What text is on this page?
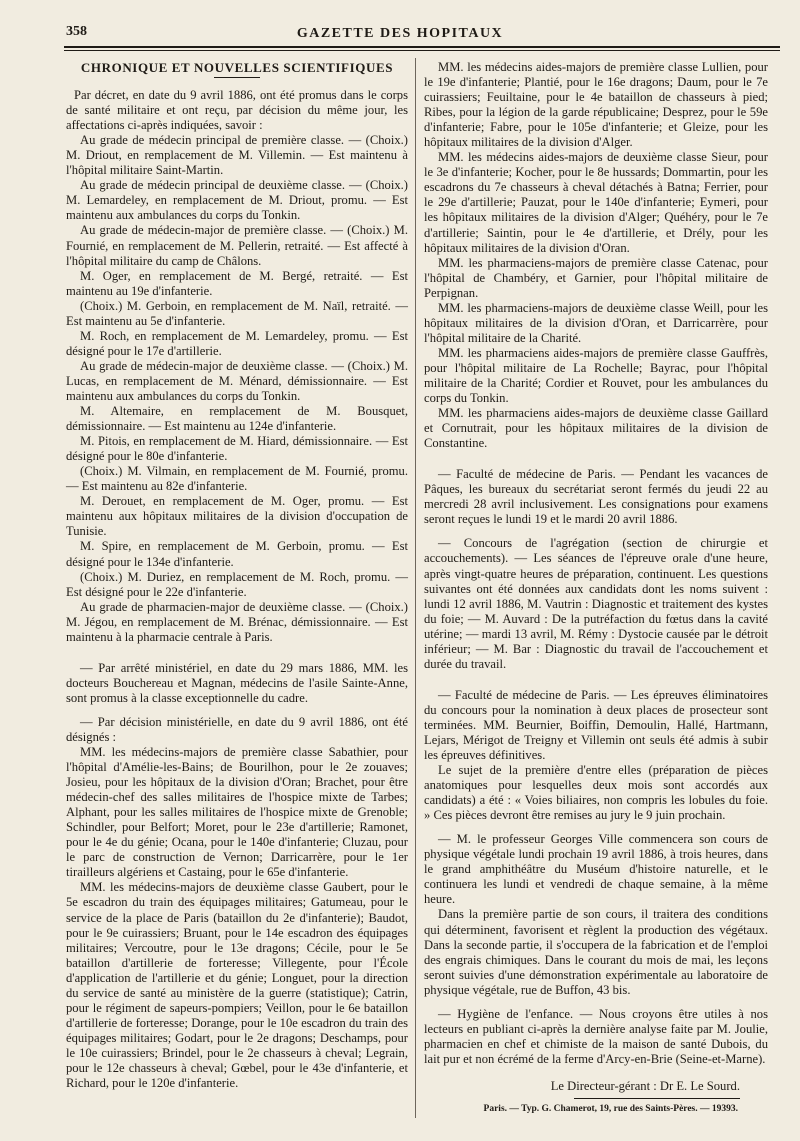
358	GAZETTE DES HOPITAUX
CHRONIQUE ET NOUVELLES SCIENTIFIQUES

Par décret, en date du 9 avril 1886, ont été promus dans le corps de santé militaire et ont reçu, par décision du même jour, les affectations ci-après indiquées, savoir :

Au grade de médecin principal de première classe. — (Choix.) M. Driout, en remplacement de M. Villemin. — Est maintenu à l'hôpital militaire Saint-Martin.

Au grade de médecin principal de deuxième classe. — (Choix.) M. Lemardeley, en remplacement de M. Driout, promu. — Est maintenu aux ambulances du corps du Tonkin.

Au grade de médecin-major de première classe. — (Choix.) M. Fournié, en remplacement de M. Pellerin, retraité. — Est affecté à l'hôpital militaire du camp de Châlons.

M. Oger, en remplacement de M. Bergé, retraité. — Est maintenu au 19e d'infanterie.

(Choix.) M. Gerboin, en remplacement de M. Naïl, retraité. — Est maintenu au 5e d'infanterie.

M. Roch, en remplacement de M. Lemardeley, promu. — Est désigné pour le 17e d'artillerie.

Au grade de médecin-major de deuxième classe. — (Choix.) M. Lucas, en remplacement de M. Ménard, démissionnaire. — Est maintenu aux ambulances du corps du Tonkin.

M. Altemaire, en remplacement de M. Bousquet, démissionnaire. — Est maintenu au 124e d'infanterie.

M. Pitois, en remplacement de M. Hiard, démissionnaire. — Est désigné pour le 80e d'infanterie.

(Choix.) M. Vilmain, en remplacement de M. Fournié, promu. — Est maintenu au 82e d'infanterie.

M. Derouet, en remplacement de M. Oger, promu. — Est maintenu aux hôpitaux militaires de la division d'occupation de Tunisie.

M. Spire, en remplacement de M. Gerboin, promu. — Est désigné pour le 134e d'infanterie.

(Choix.) M. Duriez, en remplacement de M. Roch, promu. — Est désigné pour le 22e d'infanterie.

Au grade de pharmacien-major de deuxième classe. — (Choix.) M. Jégou, en remplacement de M. Brénac, démissionnaire. — Est maintenu à la pharmacie centrale à Paris.

— Par arrêté ministériel, en date du 29 mars 1886, MM. les docteurs Bouchereau et Magnan, médecins de l'asile Sainte-Anne, sont promus à la classe exceptionnelle du cadre.

— Par décision ministérielle, en date du 9 avril 1886, ont été désignés :

MM. les médecins-majors de première classe Sabathier, pour l'hôpital d'Amélie-les-Bains; de Bourilhon, pour le 2e zouaves; Josieu, pour les hôpitaux de la division d'Oran; Brachet, pour être médecin-chef des salles militaires de l'hospice mixte de Tarbes; Alphant, pour les salles militaires de l'hospice mixte de Grenoble; Schindler, pour Belfort; Moret, pour le 23e d'artillerie; Ramonet, pour le 4e du génie; Ocana, pour le 140e d'infanterie; Cluzau, pour le parc de construction de Vernon; Darricarrère, pour le 1er tirailleurs algériens et Castaing, pour le 65e d'infanterie.

MM. les médecins-majors de deuxième classe Gaubert, pour le 5e escadron du train des équipages militaires; Gatumeau, pour le service de la place de Paris (bataillon du 2e d'infanterie); Baudot, pour le 9e cuirassiers; Bruant, pour le 14e escadron des équipages militaires; Vercoutre, pour le 13e dragons; Cécile, pour le 5e bataillon d'artillerie de forteresse; Villegente, pour l'École d'application de l'artillerie et du génie; Longuet, pour la direction du service de santé au ministère de la guerre (statistique); Catrin, pour le régiment de sapeurs-pompiers; Veillon, pour le 6e bataillon d'artillerie de forteresse; Dorange, pour le 10e escadron du train des équipages militaires; Godart, pour le 2e dragons; Deschamps, pour le 10e cuirassiers; Brindel, pour le 2e chasseurs à cheval; Legrain, pour le 12e chasseurs à cheval; Gœbel, pour le 43e d'infanterie, et Richard, pour le 120e d'infanterie.

MM. les médecins aides-majors de première classe Lullien, pour le 19e d'infanterie; Plantié, pour le 16e dragons; Daum, pour le 7e cuirassiers; Feuiltaine, pour le 4e bataillon de chasseurs à pied; Ribes, pour la légion de la garde républicaine; Desprez, pour le 59e d'infanterie; Fabre, pour le 105e d'infanterie; et Gleize, pour les hôpitaux militaires de la division d'Alger.

MM. les médecins aides-majors de deuxième classe Sieur, pour le 3e d'infanterie; Kocher, pour le 8e hussards; Dommartin, pour les escadrons du 7e chasseurs à cheval détachés à Batna; Ferrier, pour le 29e d'artillerie; Pauzat, pour le 140e d'infanterie; Eymeri, pour les hôpitaux militaires de la division d'Alger; Quéhéry, pour le 7e d'artillerie; Saintin, pour le 4e d'artillerie, et Drély, pour les hôpitaux militaires de la division d'Oran.

MM. les pharmaciens-majors de première classe Catenac, pour l'hôpital de Chambéry, et Garnier, pour l'hôpital militaire de Perpignan.

MM. les pharmaciens-majors de deuxième classe Weill, pour les hôpitaux militaires de la division d'Oran, et Darricarrère, pour l'hôpital militaire de la Charité.

MM. les pharmaciens aides-majors de première classe Gauffrès, pour l'hôpital militaire de La Rochelle; Bayrac, pour l'hôpital militaire de la Charité; Cordier et Rouvet, pour les ambulances du corps du Tonkin.

MM. les pharmaciens aides-majors de deuxième classe Gaillard et Cornutrait, pour les hôpitaux militaires de la division de Constantine.

— Faculté de médecine de Paris. — Pendant les vacances de Pâques, les bureaux du secrétariat seront fermés du jeudi 22 au mercredi 28 avril inclusivement. Les consignations pour examens seront reçues le lundi 19 et le mardi 20 avril 1886.

— Concours de l'agrégation (section de chirurgie et accouchements). — Les séances de l'épreuve orale d'une heure, après vingt-quatre heures de préparation, continuent. Les questions suivantes ont été données aux candidats dont les noms suivent : lundi 12 avril 1886, M. Vautrin : Diagnostic et traitement des kystes du foie; — M. Auvard : De la putréfaction du fœtus dans la cavité utérine; — mardi 13 avril, M. Rémy : Dystocie causée par le détroit inférieur; — M. Bar : Diagnostic du travail de l'accouchement et durée du travail.

— Faculté de médecine de Paris. — Les épreuves éliminatoires du concours pour la nomination à deux places de prosecteur sont terminées. MM. Beurnier, Boiffin, Demoulin, Hallé, Hartmann, Lejars, Mérigot de Treigny et Villemin ont seuls été admis à subir les épreuves définitives.

Le sujet de la première d'entre elles (préparation de pièces anatomiques pour lesquelles deux mois sont accordés aux candidats) a été : « Voies biliaires, non compris les lobules du foie. » Ces pièces devront être remises au jury le 9 juin prochain.

— M. le professeur Georges Ville commencera son cours de physique végétale lundi prochain 19 avril 1886, à trois heures, dans le grand amphithéâtre du Muséum d'histoire naturelle, et le continuera les lundi et vendredi de chaque semaine, à la même heure.

Dans la première partie de son cours, il traitera des conditions qui déterminent, favorisent et règlent la production des végétaux. Dans la seconde partie, il s'occupera de la fabrication et de l'emploi des engrais chimiques. Dans le courant du mois de mai, les leçons seront suivies d'une démonstration expérimentale au laboratoire de physique végétale, rue de Buffon, 43 bis.

— Hygiène de l'enfance. — Nous croyons être utiles à nos lecteurs en publiant ci-après la dernière analyse faite par M. Joulie, pharmacien en chef et chimiste de la maison de santé Dubois, du lait pur et non écrémé de la ferme d'Arcy-en-Brie (Seine-et-Marne).

Le Directeur-gérant : Dr E. Le Sourd.
Paris. — Typ. G. Chamerot, 19, rue des Saints-Pères. — 19393.
